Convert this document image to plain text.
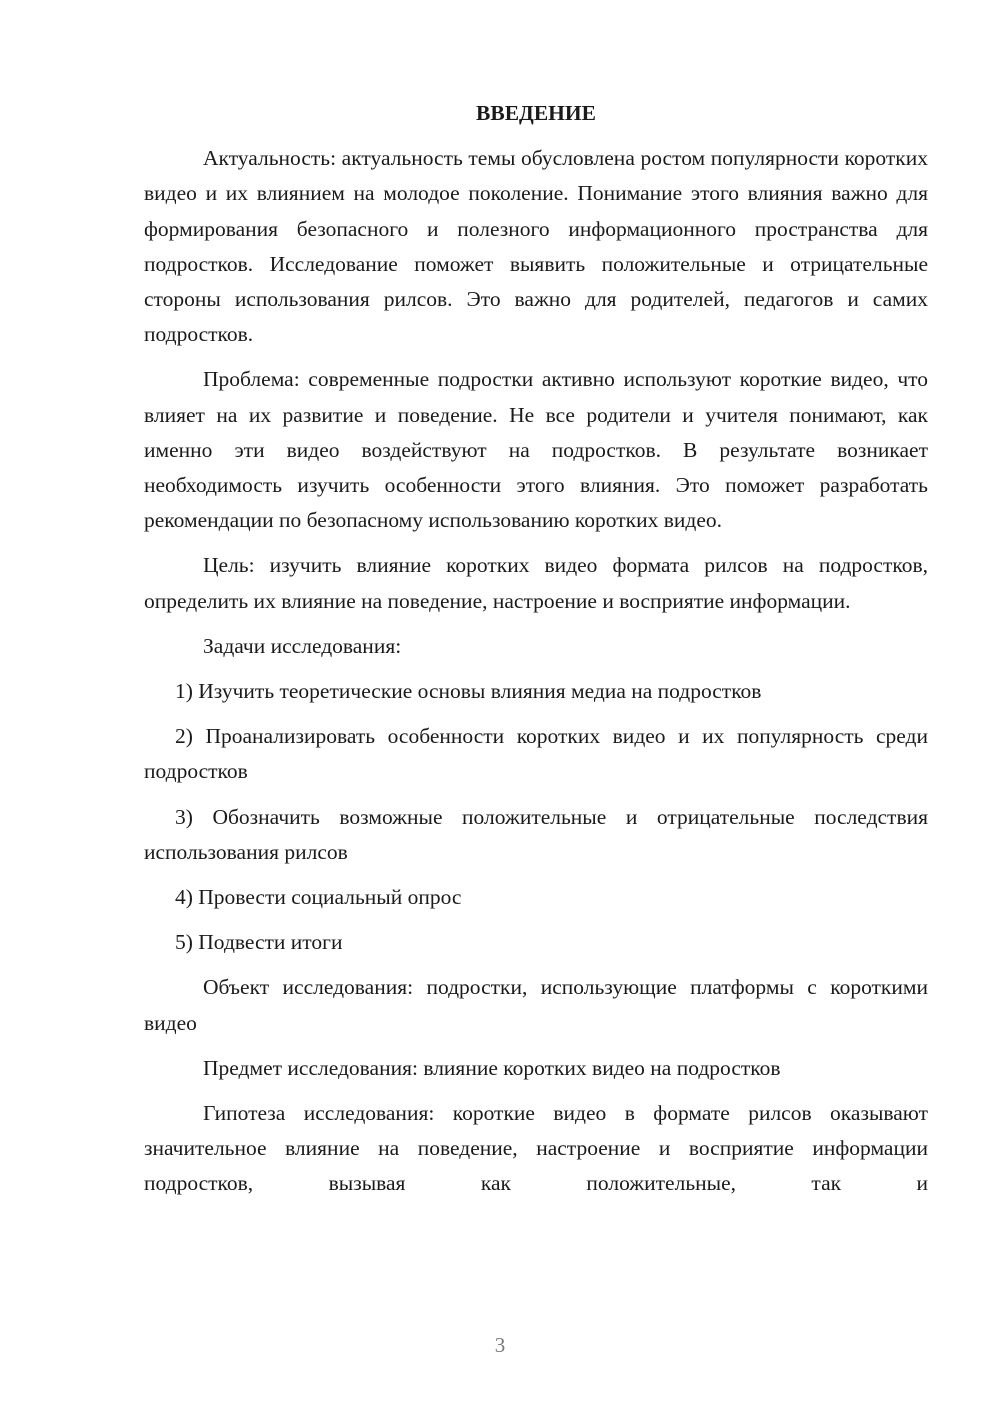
ВВЕДЕНИЕ

Актуальность: актуальность темы обусловлена ростом популярности коротких видео и их влиянием на молодое поколение. Понимание этого влияния важно для формирования безопасного и полезного информационного пространства для подростков. Исследование поможет выявить положительные и отрицательные стороны использования рилсов. Это важно для родителей, педагогов и самих подростков.

Проблема: современные подростки активно используют короткие видео, что влияет на их развитие и поведение. Не все родители и учителя понимают, как именно эти видео воздействуют на подростков. В результате возникает необходимость изучить особенности этого влияния. Это поможет разработать рекомендации по безопасному использованию коротких видео.

Цель: изучить влияние коротких видео формата рилсов на подростков, определить их влияние на поведение, настроение и восприятие информации.

Задачи исследования:

1) Изучить теоретические основы влияния медиа на подростков

2) Проанализировать особенности коротких видео и их популярность среди подростков

3) Обозначить возможные положительные и отрицательные последствия использования рилсов

4) Провести социальный опрос

5) Подвести итоги

Объект исследования: подростки, использующие платформы с короткими видео

Предмет исследования: влияние коротких видео на подростков

Гипотеза исследования: короткие видео в формате рилсов оказывают значительное влияние на поведение, настроение и восприятие информации подростков, вызывая как положительные, так и

3
